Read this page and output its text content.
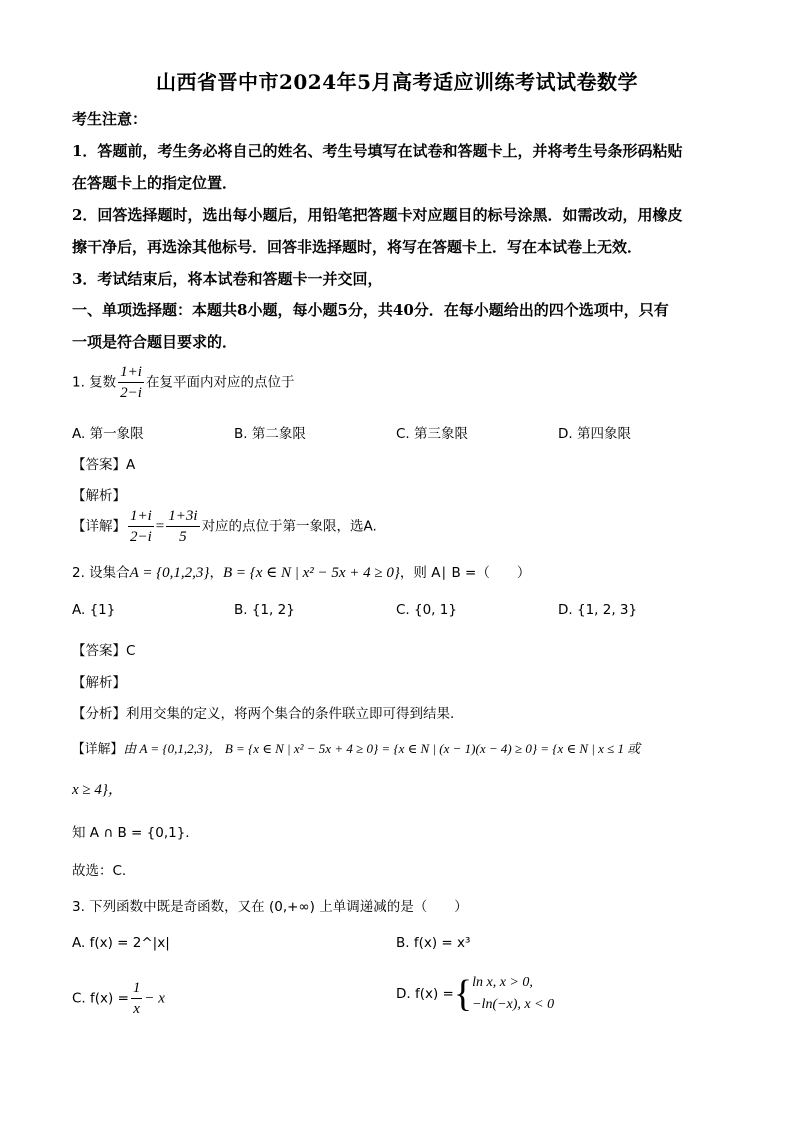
山西省晋中市2024年5月高考适应训练考试试卷数学
考生注意：
1．答题前，考生务必将自己的姓名、考生号填写在试卷和答题卡上，并将考生号条形码粘贴
在答题卡上的指定位置．
2．回答选择题时，选出每小题后，用铅笔把答题卡对应题目的标号涂黑．如需改动，用橡皮
擦干净后，再选涂其他标号．回答非选择题时，将写在答题卡上．写在本试卷上无效．
3．考试结束后，将本试卷和答题卡一并交回，
一、单项选择题：本题共8小题，每小题5分，共40分．在每小题给出的四个选项中，只有
一项是符合题目要求的．
1. 复数 $\frac{1+i}{2-i}$ 在复平面内对应的点位于
A. 第一象限	B. 第二象限	C. 第三象限	D. 第四象限
【答案】A
【解析】
【详解】 $\frac{1+i}{2-i} = \frac{1+3i}{5}$ 对应的点位于第一象限，选A.
2. 设集合A = {0,1,2,3}，B = {x ∈ N | x² − 5x + 4 ≥ 0}，则 A∣ B =（　　）
A. {1}	B. {1, 2}	C. {0, 1}	D. {1, 2, 3}
【答案】C
【解析】
【分析】利用交集的定义，将两个集合的条件联立即可得到结果.
【详解】由 A = {0,1,2,3}， B = {x ∈ N | x² − 5x + 4 ≥ 0} = {x ∈ N | (x − 1)(x − 4) ≥ 0} = {x ∈ N | x ≤ 1 或
x ≥ 4}，
知 A ∩ B = {0,1}.
故选：C.
3. 下列函数中既是奇函数，又在 (0,+∞) 上单调递减的是（　　）
A. f(x) = 2^|x|	B. f(x) = x³
C. $f(x) = \frac{1}{x} - x$	D. f(x) ={ ln x, x > 0,
−ln(−x), x < 0
